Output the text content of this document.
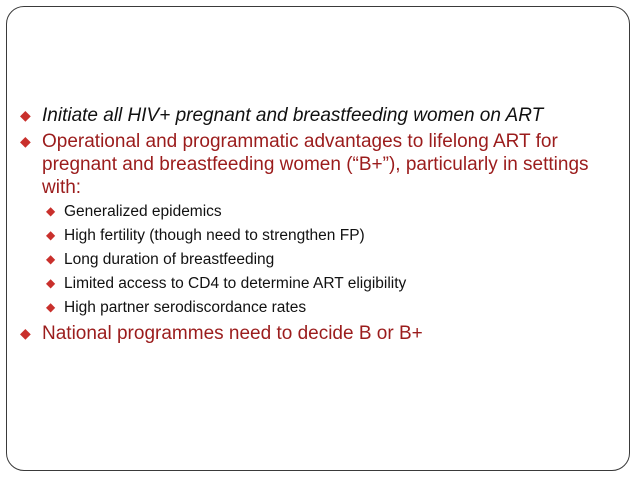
◆ Initiate all HIV+ pregnant and breastfeeding women on ART
◆ Operational and programmatic advantages to lifelong ART for pregnant and breastfeeding women (“B+”), particularly in settings with:
◆ Generalized epidemics
◆ High fertility (though need to strengthen FP)
◆ Long duration of breastfeeding
◆ Limited access to CD4 to determine ART eligibility
◆ High partner serodiscordance rates
◆ National programmes need to decide B or B+
